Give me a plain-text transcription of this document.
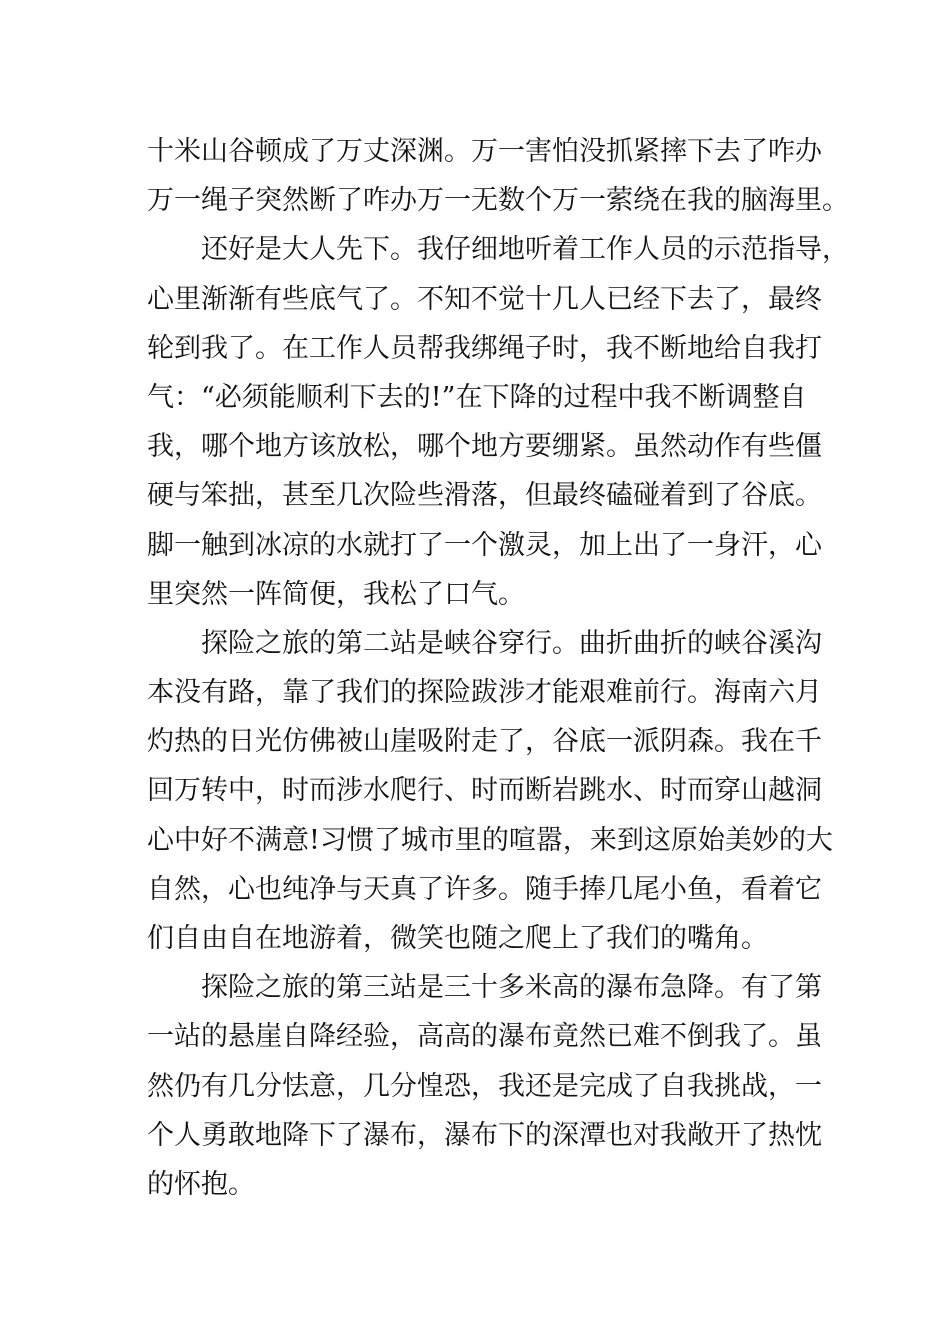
十米山谷顿成了万丈深渊。万一害怕没抓紧摔下去了咋办
万一绳子突然断了咋办万一无数个万一萦绕在我的脑海里。
还好是大人先下。我仔细地听着工作人员的示范指导，
心里渐渐有些底气了。不知不觉十几人已经下去了，最终
轮到我了。在工作人员帮我绑绳子时，我不断地给自我打
气：“必须能顺利下去的!”在下降的过程中我不断调整自
我，哪个地方该放松，哪个地方要绷紧。虽然动作有些僵
硬与笨拙，甚至几次险些滑落，但最终磕碰着到了谷底。
脚一触到冰凉的水就打了一个激灵，加上出了一身汗，心
里突然一阵简便，我松了口气。
探险之旅的第二站是峡谷穿行。曲折曲折的峡谷溪沟
本没有路，靠了我们的探险跋涉才能艰难前行。海南六月
灼热的日光仿佛被山崖吸附走了，谷底一派阴森。我在千
回万转中，时而涉水爬行、时而断岩跳水、时而穿山越洞
心中好不满意!习惯了城市里的喧嚣，来到这原始美妙的大
自然，心也纯净与天真了许多。随手捧几尾小鱼，看着它
们自由自在地游着，微笑也随之爬上了我们的嘴角。
探险之旅的第三站是三十多米高的瀑布急降。有了第
一站的悬崖自降经验，高高的瀑布竟然已难不倒我了。虽
然仍有几分怯意，几分惶恐，我还是完成了自我挑战，一
个人勇敢地降下了瀑布，瀑布下的深潭也对我敞开了热忱
的怀抱。
